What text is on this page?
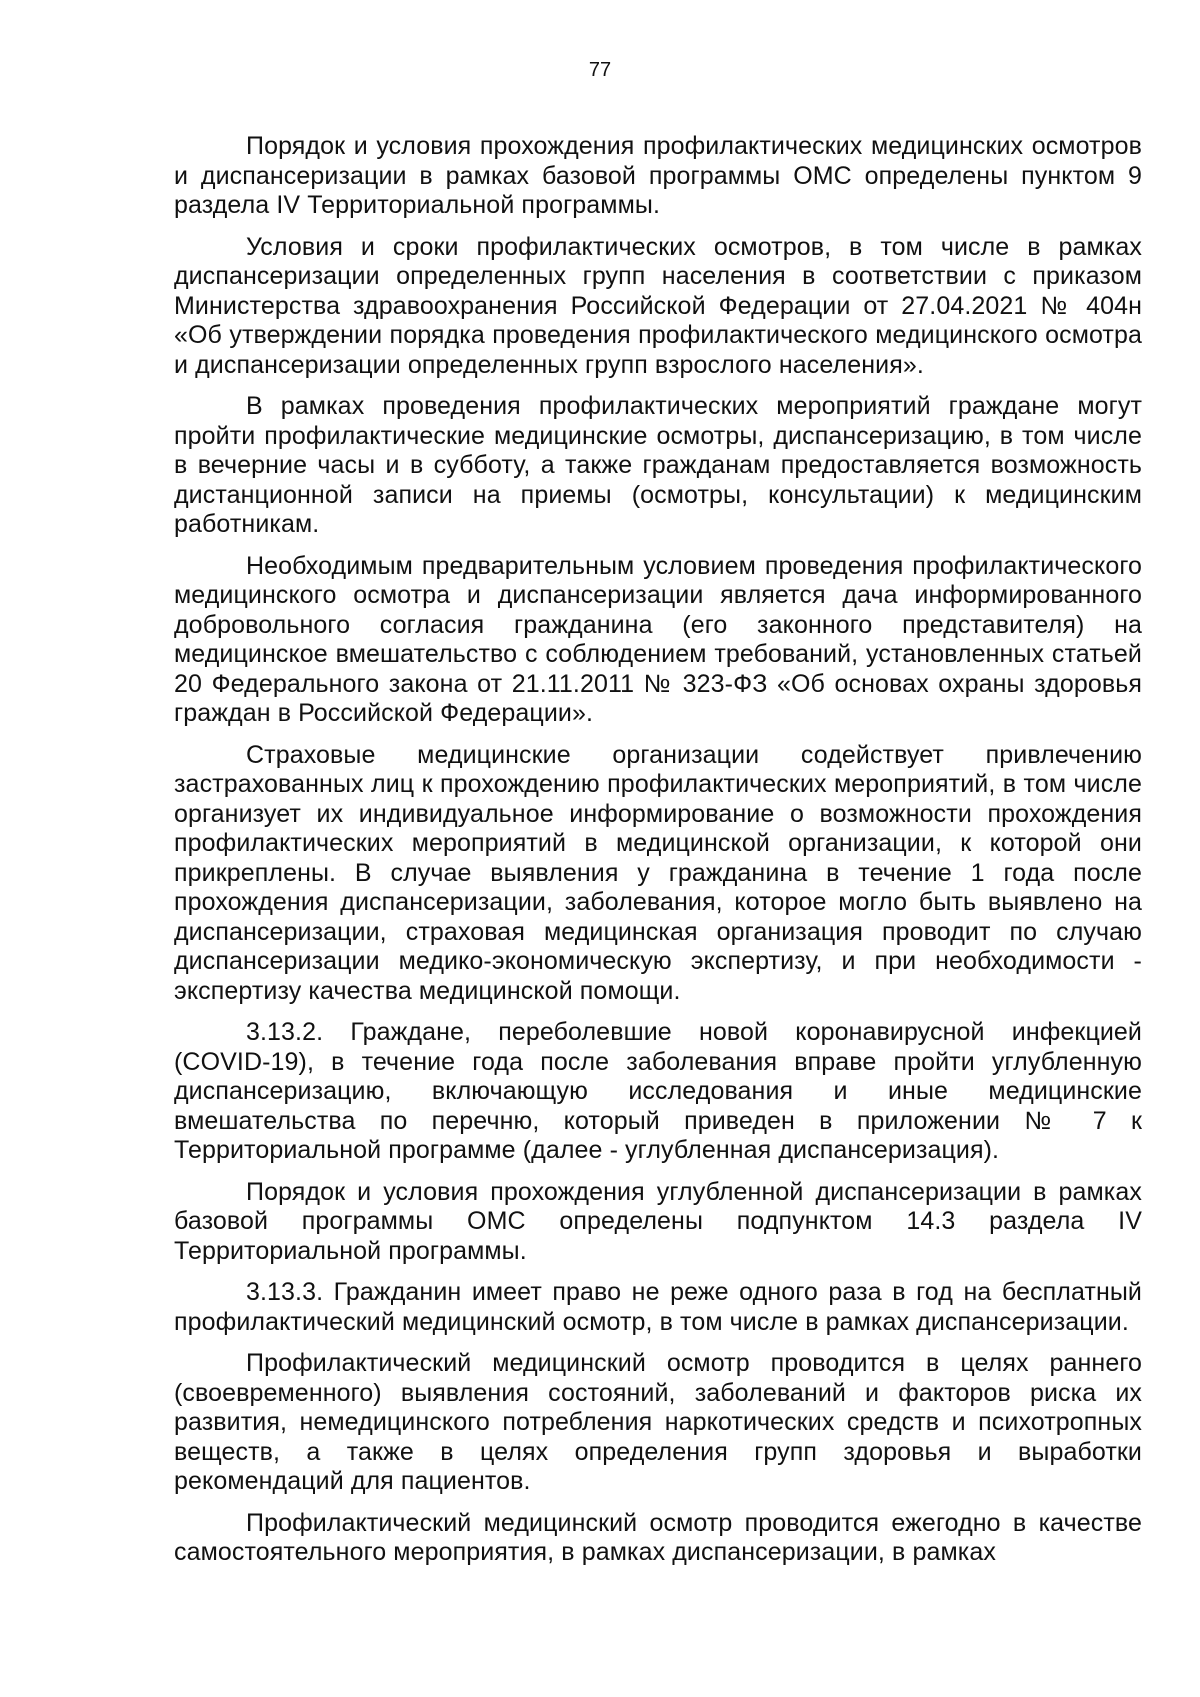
77

Порядок и условия прохождения профилактических медицинских осмотров и диспансеризации в рамках базовой программы ОМС определены пунктом 9 раздела IV Территориальной программы.

Условия и сроки профилактических осмотров, в том числе в рамках диспансеризации определенных групп населения в соответствии с приказом Министерства здравоохранения Российской Федерации от 27.04.2021 № 404н «Об утверждении порядка проведения профилактического медицинского осмотра и диспансеризации определенных групп взрослого населения».

В рамках проведения профилактических мероприятий граждане могут пройти профилактические медицинские осмотры, диспансеризацию, в том числе в вечерние часы и в субботу, а также гражданам предоставляется возможность дистанционной записи на приемы (осмотры, консультации) к медицинским работникам.

Необходимым предварительным условием проведения профилактического медицинского осмотра и диспансеризации является дача информированного добровольного согласия гражданина (его законного представителя) на медицинское вмешательство с соблюдением требований, установленных статьей 20 Федерального закона от 21.11.2011 № 323-ФЗ «Об основах охраны здоровья граждан в Российской Федерации».

Страховые медицинские организации содействует привлечению застрахованных лиц к прохождению профилактических мероприятий, в том числе организует их индивидуальное информирование о возможности прохождения профилактических мероприятий в медицинской организации, к которой они прикреплены. В случае выявления у гражданина в течение 1 года после прохождения диспансеризации, заболевания, которое могло быть выявлено на диспансеризации, страховая медицинская организация проводит по случаю диспансеризации медико-экономическую экспертизу, и при необходимости - экспертизу качества медицинской помощи.

3.13.2. Граждане, переболевшие новой коронавирусной инфекцией (COVID-19), в течение года после заболевания вправе пройти углубленную диспансеризацию, включающую исследования и иные медицинские вмешательства по перечню, который приведен в приложении № 7 к Территориальной программе (далее - углубленная диспансеризация).

Порядок и условия прохождения углубленной диспансеризации в рамках базовой программы ОМС определены подпунктом 14.3 раздела IV Территориальной программы.

3.13.3. Гражданин имеет право не реже одного раза в год на бесплатный профилактический медицинский осмотр, в том числе в рамках диспансеризации.

Профилактический медицинский осмотр проводится в целях раннего (своевременного) выявления состояний, заболеваний и факторов риска их развития, немедицинского потребления наркотических средств и психотропных веществ, а также в целях определения групп здоровья и выработки рекомендаций для пациентов.

Профилактический медицинский осмотр проводится ежегодно в качестве самостоятельного мероприятия, в рамках диспансеризации, в рамках
